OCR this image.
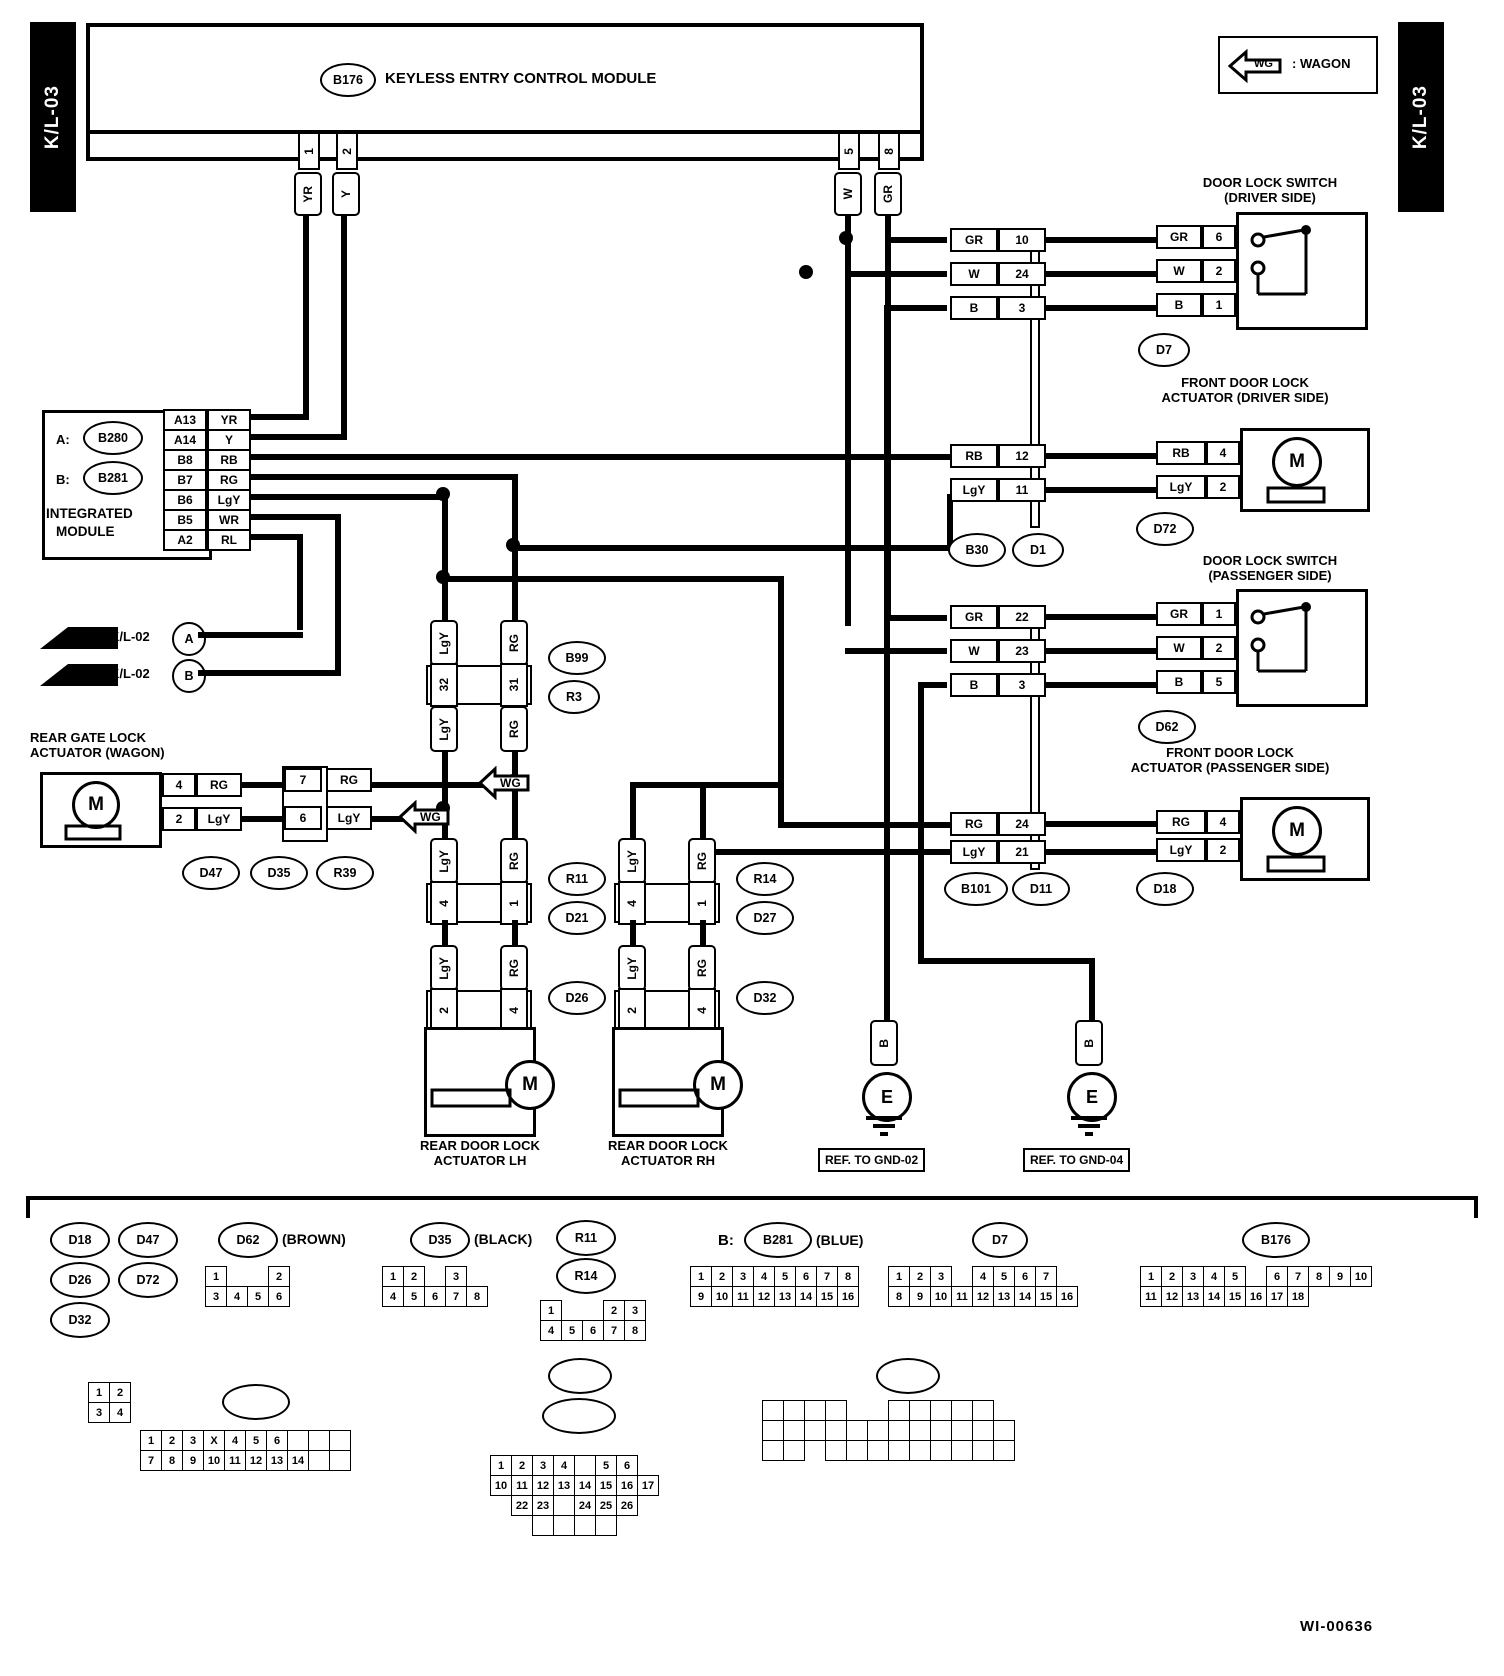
K/L-03	K/L-03
WG : WAGON
B176	KEYLESS ENTRY CONTROL MODULE
1 2	5 8
YR Y	W GR
A:	B280
B:	B281
INTEGRATED
MODULE
A13	YR
A14	Y
B8	RB
B7	RG
B6	LgY
B5	WR
A2	RL
K/L-02	A
K/L-02	B
GR	10
W	24
B	3
RB	12
LgY	11
B30	D1
DOOR LOCK SWITCH
(DRIVER SIDE)
GR	6
W	2
B	1
D7
FRONT DOOR LOCK
ACTUATOR (DRIVER SIDE)
RB	4
LgY	2
M
D72
GR	22
W	23
B	3
RG	24
LgY	21
B101	D11
DOOR LOCK SWITCH
(PASSENGER SIDE)
GR	1
W	2
B	5
D62
FRONT DOOR LOCK
ACTUATOR (PASSENGER SIDE)
RG	4
LgY	2
M
D18
LgY	RG
32	31
LgY	RG
B99
R3
REAR GATE LOCK
ACTUATOR (WAGON)
M
4	RG
2	LgY
7	RG
6	LgY
D47	D35	R39
WG
WG
LgY	RG
4	1
R11
D21
LgY	RG
2	4
D26
M
REAR DOOR LOCK
ACTUATOR LH
LgY	RG
4	1
R14
D27
LgY	RG
2	4
D32
M
REAR DOOR LOCK
ACTUATOR RH
B
E
REF. TO GND-02
B
E
REF. TO GND-04
D18	D47
D26	D72
D32
1	2
3	4
1	2	3	X	4	5	6			
7	8	9	10	11	12	13	14		
D62	(BROWN)
1			2
3	4	5	6
D35	(BLACK)
1	2		3	
4	5	6	7	8
R11
R14
1			2	3
4	5	6	7	8
B:	B281	(BLUE)
1	2	3	4	5	6	7	8
9	10	11	12	13	14	15	16
D7
1	2	3		4	5	6	7	
8	9	10	11	12	13	14	15	16
B176
1	2	3	4	5		6	7	8	9	10
11	12	13	14	15	16	17	18			
1	2	3	4		5	6	
10	11	12	13	14	15	16	17
	22	23		24	25	26	

WI-00636
